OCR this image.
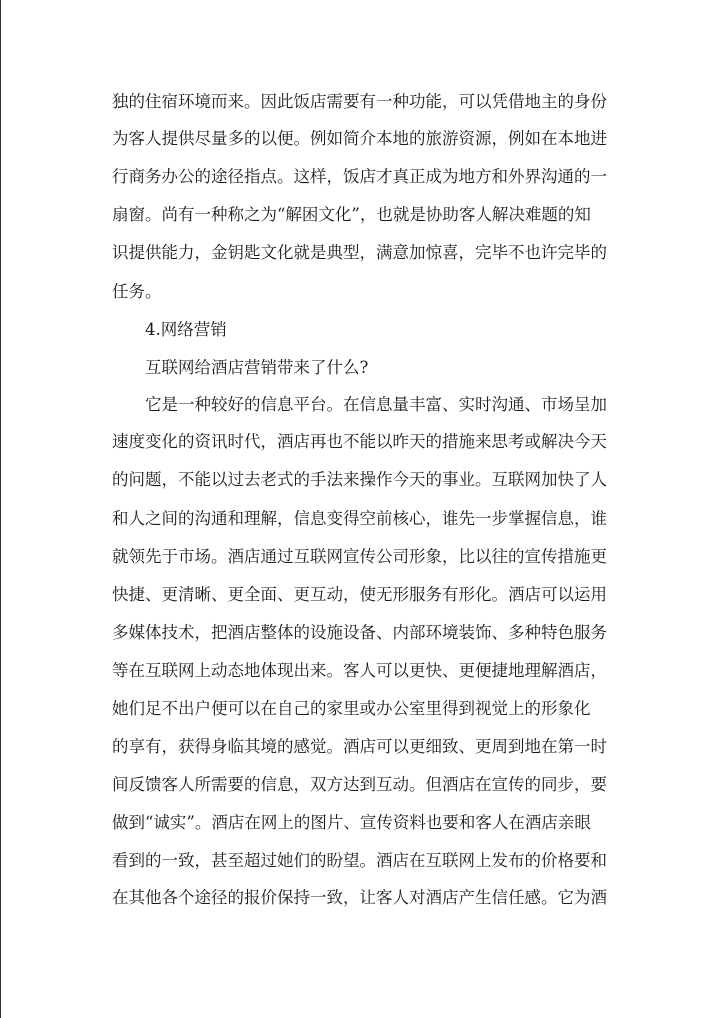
独的住宿环境而来。因此饭店需要有一种功能，可以凭借地主的身份

为客人提供尽量多的以便。例如简介本地的旅游资源，例如在本地进

行商务办公的途径指点。这样，饭店才真正成为地方和外界沟通的一

扇窗。尚有一种称之为“解困文化”，也就是协助客人解决难题的知

识提供能力，金钥匙文化就是典型，满意加惊喜，完毕不也许完毕的

任务。

4.网络营销

互联网给酒店营销带来了什么?

它是一种较好的信息平台。在信息量丰富、实时沟通、市场呈加

速度变化的资讯时代，酒店再也不能以昨天的措施来思考或解决今天

的问题，不能以过去老式的手法来操作今天的事业。互联网加快了人

和人之间的沟通和理解，信息变得空前核心，谁先一步掌握信息，谁

就领先于市场。酒店通过互联网宣传公司形象，比以往的宣传措施更

快捷、更清晰、更全面、更互动，使无形服务有形化。酒店可以运用

多媒体技术，把酒店整体的设施设备、内部环境装饰、多种特色服务

等在互联网上动态地体现出来。客人可以更快、更便捷地理解酒店，

她们足不出户便可以在自己的家里或办公室里得到视觉上的形象化

的享有，获得身临其境的感觉。酒店可以更细致、更周到地在第一时

间反馈客人所需要的信息，双方达到互动。但酒店在宣传的同步，要

做到“诚实”。酒店在网上的图片、宣传资料也要和客人在酒店亲眼

看到的一致，甚至超过她们的盼望。酒店在互联网上发布的价格要和

在其他各个途径的报价保持一致，让客人对酒店产生信任感。它为酒
